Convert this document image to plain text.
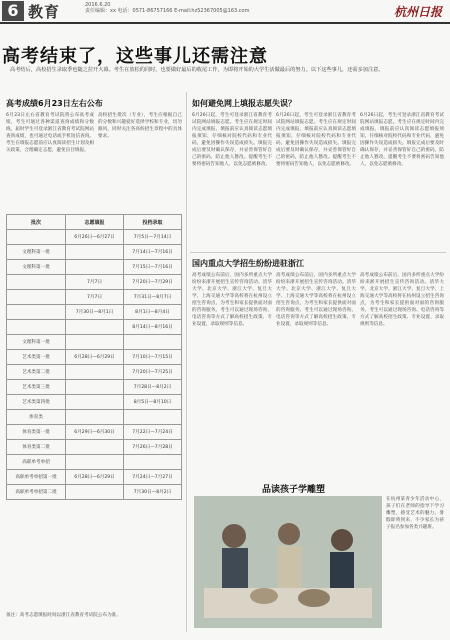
6 教育	2016.6.20
责任编辑：xx 电话：0571-86757166 E-mail:hz52367005@163.com	杭州日报
高考结束了，这些事儿还需注意
高考结后，高校招生录取季也随之拉开大幕。考生在放松的同时，也要做好最后的收尾工作，为即将开始的大学生活做最后的努力。以下这些事儿，还需多加注意。
高考成绩6月23日左右公布
6月23日左右省教育考试院将公布高考成绩，考生可通过各种渠道查询成绩和分数线，届时学生可登录浙江省教育考试院网站查询成绩，也可通过电话或手机短信查询。考生在填报志愿前应认真阅读招生计划及相关政策，合理确定志愿，避免盲目填报。
高校招生批次（专业），考生应根据自己的分数和兴趣爱好选择学校和专业，切勿跟风，同时关注各高校招生章程中的具体要求。
批次	志愿填报	投档录取
	6月26日—6月27日	7月5日—7月14日
文理科第一批		7月14日—7月16日
文理科第一批		7月15日—7月16日
	7月7日	7月20日—7月29日
	7月7日	7月31日—8月7日
	7月30日—8月1日	8月1日—8月4日
		8月14日—8月16日
文理科第一批		
艺术类第一批	6月28日—6月29日	7月10日—7月15日
艺术类第二批		7月20日—7月25日
艺术类第三批		7月28日—8月2日
艺术类第四批		8月5日—8月10日
体育类		
体育类第一批	6月29日—6月30日	7月22日—7月24日
体育类第二批		7月26日—7月28日
高职单考单招		
高职单考单招第一批	6月28日—6月29日	7月24日—7月27日
高职单考单招第二批		7月30日—8月2日
备注：高考志愿填报时间以浙江省教育考试院公布为准。
如何避免网上填报志愿失误？
6月26日起，考生可登录浙江省教育考试院网站填报志愿。考生应在规定时间内完成填报，填报前应认真阅读志愿填报须知，仔细核对院校代码和专业代码，避免因操作失误造成损失。填报完成后要及时确认保存，并妥善保管好自己的密码，防止他人篡改。提醒考生不要将密码告知他人，以免志愿被修改。
6月26日起，考生可登录浙江省教育考试院网站填报志愿。考生应在规定时间内完成填报，填报前应认真阅读志愿填报须知，仔细核对院校代码和专业代码，避免因操作失误造成损失。填报完成后要及时确认保存，并妥善保管好自己的密码，防止他人篡改。提醒考生不要将密码告知他人，以免志愿被修改。
6月26日起，考生可登录浙江省教育考试院网站填报志愿。考生应在规定时间内完成填报，填报前应认真阅读志愿填报须知，仔细核对院校代码和专业代码，避免因操作失误造成损失。填报完成后要及时确认保存，并妥善保管好自己的密码，防止他人篡改。提醒考生不要将密码告知他人，以免志愿被修改。
国内重点大学招生纷纷进驻浙江
高考成绩公布前后，国内多所重点大学纷纷来浙开展招生宣传咨询活动。清华大学、北京大学、浙江大学、复旦大学、上海交通大学等高校将在杭州设立招生咨询点，为考生和家长提供面对面的咨询服务。考生可以通过现场咨询、电话咨询等方式了解高校招生政策、专业设置、录取规则等信息。
高考成绩公布前后，国内多所重点大学纷纷来浙开展招生宣传咨询活动。清华大学、北京大学、浙江大学、复旦大学、上海交通大学等高校将在杭州设立招生咨询点，为考生和家长提供面对面的咨询服务。考生可以通过现场咨询、电话咨询等方式了解高校招生政策、专业设置、录取规则等信息。
高考成绩公布前后，国内多所重点大学纷纷来浙开展招生宣传咨询活动。清华大学、北京大学、浙江大学、复旦大学、上海交通大学等高校将在杭州设立招生咨询点，为考生和家长提供面对面的咨询服务。考生可以通过现场咨询、电话咨询等方式了解高校招生政策、专业设置、录取规则等信息。
品读孩子学雕塑
在杭州某青少年活动中心，孩子们在老师的指导下学习雕塑，感受艺术的魅力。暑假即将到来，不少家长为孩子报名参加各类兴趣班。
